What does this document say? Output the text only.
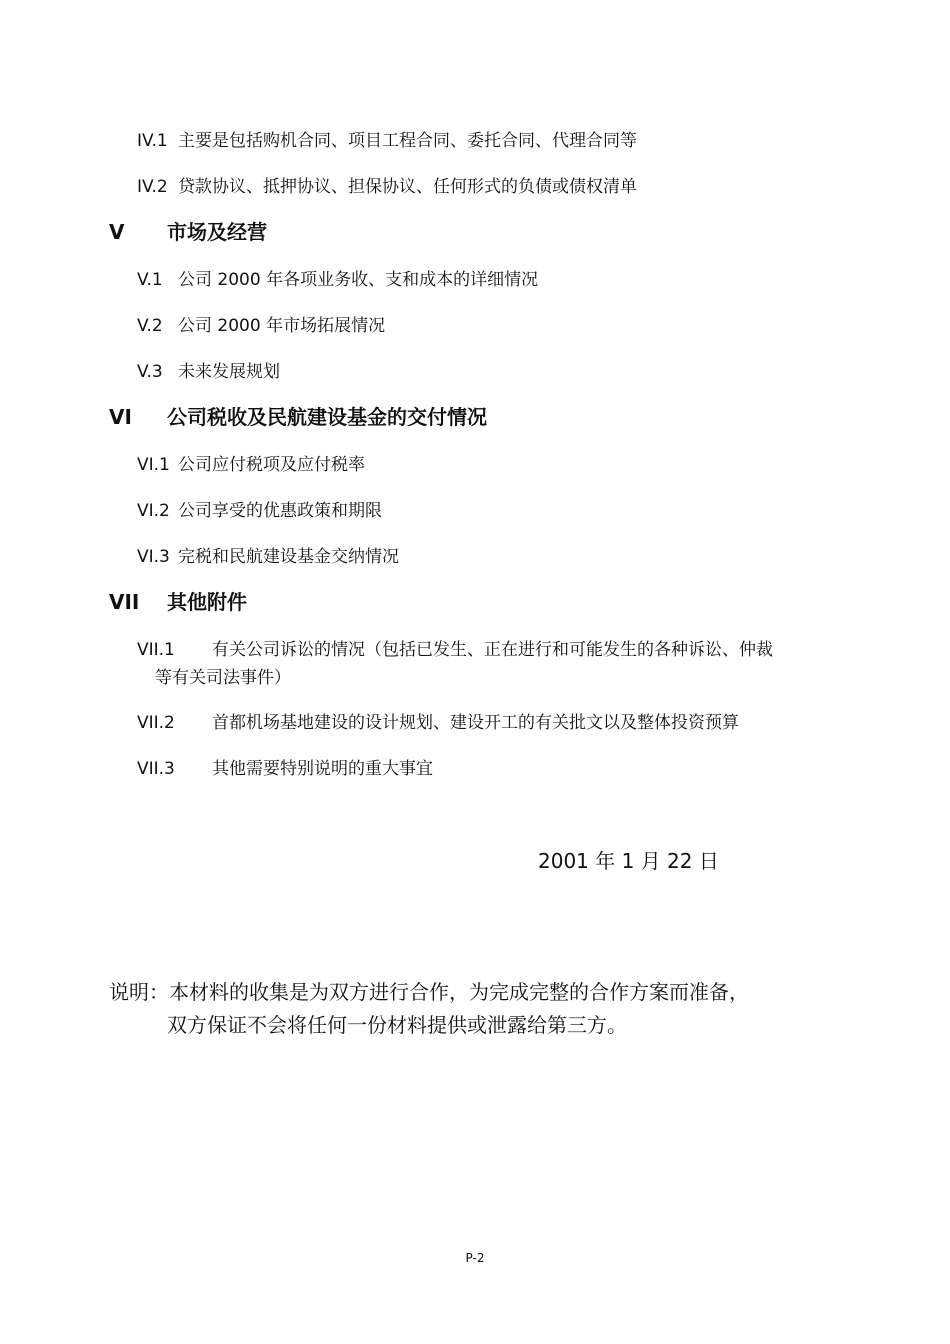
IV.1 主要是包括购机合同、项目工程合同、委托合同、代理合同等
IV.2 贷款协议、抵押协议、担保协议、任何形式的负债或债权清单
V 市场及经营
V.1 公司 2000 年各项业务收、支和成本的详细情况
V.2 公司 2000 年市场拓展情况
V.3 未来发展规划
VI 公司税收及民航建设基金的交付情况
VI.1 公司应付税项及应付税率
VI.2 公司享受的优惠政策和期限
VI.3 完税和民航建设基金交纳情况
VII 其他附件
VII.1 有关公司诉讼的情况（包括已发生、正在进行和可能发生的各种诉讼、仲裁
等有关司法事件）
VII.2 首都机场基地建设的设计规划、建设开工的有关批文以及整体投资预算
VII.3 其他需要特别说明的重大事宜
2001 年 1 月 22 日
说明：本材料的收集是为双方进行合作，为完成完整的合作方案而准备，
双方保证不会将任何一份材料提供或泄露给第三方。
P-2
